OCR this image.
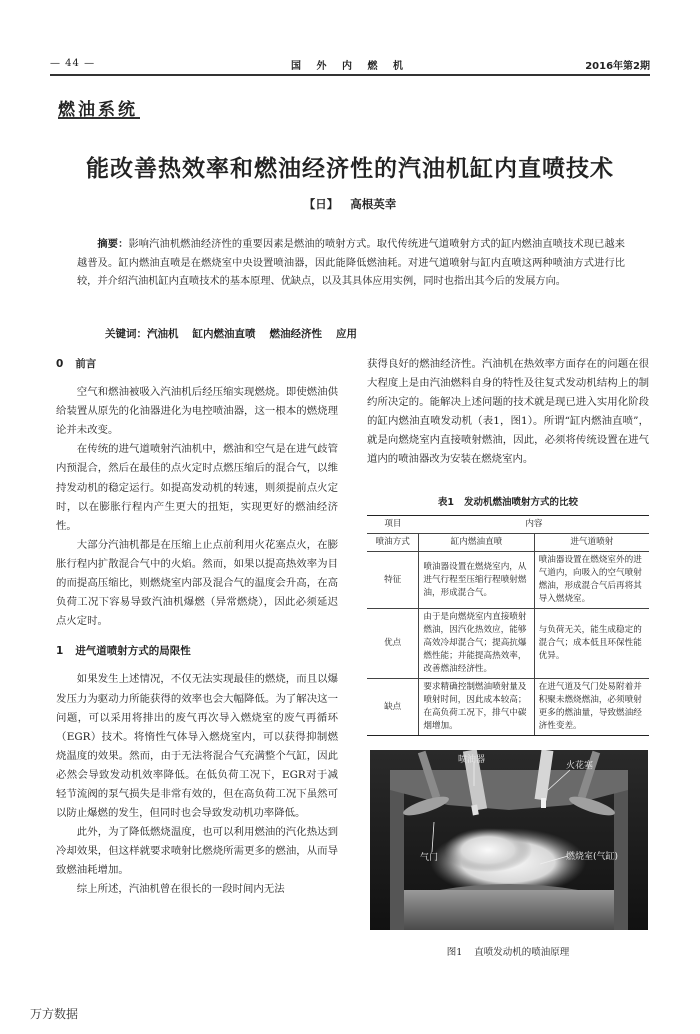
— 44 —	国 外 内 燃 机	2016年第2期
燃油系统
能改善热效率和燃油经济性的汽油机缸内直喷技术
【日】 高根英幸

摘要：影响汽油机燃油经济性的重要因素是燃油的喷射方式。取代传统进气道喷射方式的缸内燃油直喷技术现已越来越普及。缸内燃油直喷是在燃烧室中央设置喷油器，因此能降低燃油耗。对进气道喷射与缸内直喷这两种喷油方式进行比较，并介绍汽油机缸内直喷技术的基本原理、优缺点，以及其具体应用实例，同时也指出其今后的发展方向。

关键词：汽油机 缸内燃油直喷 燃油经济性 应用
0 前言

空气和燃油被吸入汽油机后经压缩实现燃烧。即使燃油供给装置从原先的化油器进化为电控喷油器，这一根本的燃烧理论并未改变。

在传统的进气道喷射汽油机中，燃油和空气是在进气歧管内预混合，然后在最佳的点火定时点燃压缩后的混合气，以维持发动机的稳定运行。如提高发动机的转速，则须提前点火定时，以在膨胀行程内产生更大的扭矩，实现更好的燃油经济性。

大部分汽油机都是在压缩上止点前利用火花塞点火，在膨胀行程内扩散混合气中的火焰。然而，如果以提高热效率为目的而提高压缩比，则燃烧室内部及混合气的温度会升高，在高负荷工况下容易导致汽油机爆燃（异常燃烧），因此必须延迟点火定时。

1 进气道喷射方式的局限性

如果发生上述情况，不仅无法实现最佳的燃烧，而且以爆发压力为驱动力所能获得的效率也会大幅降低。为了解决这一问题，可以采用将排出的废气再次导入燃烧室的废气再循环（EGR）技术。将惰性气体导入燃烧室内，可以获得抑制燃烧温度的效果。然而，由于无法将混合气充满整个气缸，因此必然会导致发动机效率降低。在低负荷工况下，EGR对于减轻节流阀的泵气损失是非常有效的，但在高负荷工况下虽然可以防止爆燃的发生，但同时也会导致发动机功率降低。

此外，为了降低燃烧温度，也可以利用燃油的汽化热达到冷却效果，但这样就要求喷射比燃烧所需更多的燃油，从而导致燃油耗增加。

综上所述，汽油机曾在很长的一段时间内无法

获得良好的燃油经济性。汽油机在热效率方面存在的问题在很大程度上是由汽油燃料自身的特性及往复式发动机结构上的制约所决定的。能解决上述问题的技术就是现已进入实用化阶段的缸内燃油直喷发动机（表1，图1）。所谓“缸内燃油直喷”，就是向燃烧室内直接喷射燃油，因此，必须将传统设置在进气道内的喷油器改为安装在燃烧室内。

表1 发动机燃油喷射方式的比较
项目	内容	
喷油方式	缸内燃油直喷	进气道喷射
特征	喷油器设置在燃烧室内，从进气行程至压缩行程喷射燃油，形成混合气。	喷油器设置在燃烧室外的进气道内，向吸入的空气喷射燃油，形成混合气后再将其导入燃烧室。
优点	由于是向燃烧室内直接喷射燃油，因汽化热效应，能够高效冷却混合气；提高抗爆燃性能；并能提高热效率，改善燃油经济性。	与负荷无关，能生成稳定的混合气；成本低且环保性能优异。
缺点	要求精确控制燃油喷射量及喷射时间，因此成本较高；在高负荷工况下，排气中碳烟增加。	在进气道及气门处易附着并积聚未燃烧燃油，必须喷射更多的燃油量，导致燃油经济性变差。
喷油器
火花塞
气门	燃烧室(气缸)
图1 直喷发动机的喷油原理
万方数据
